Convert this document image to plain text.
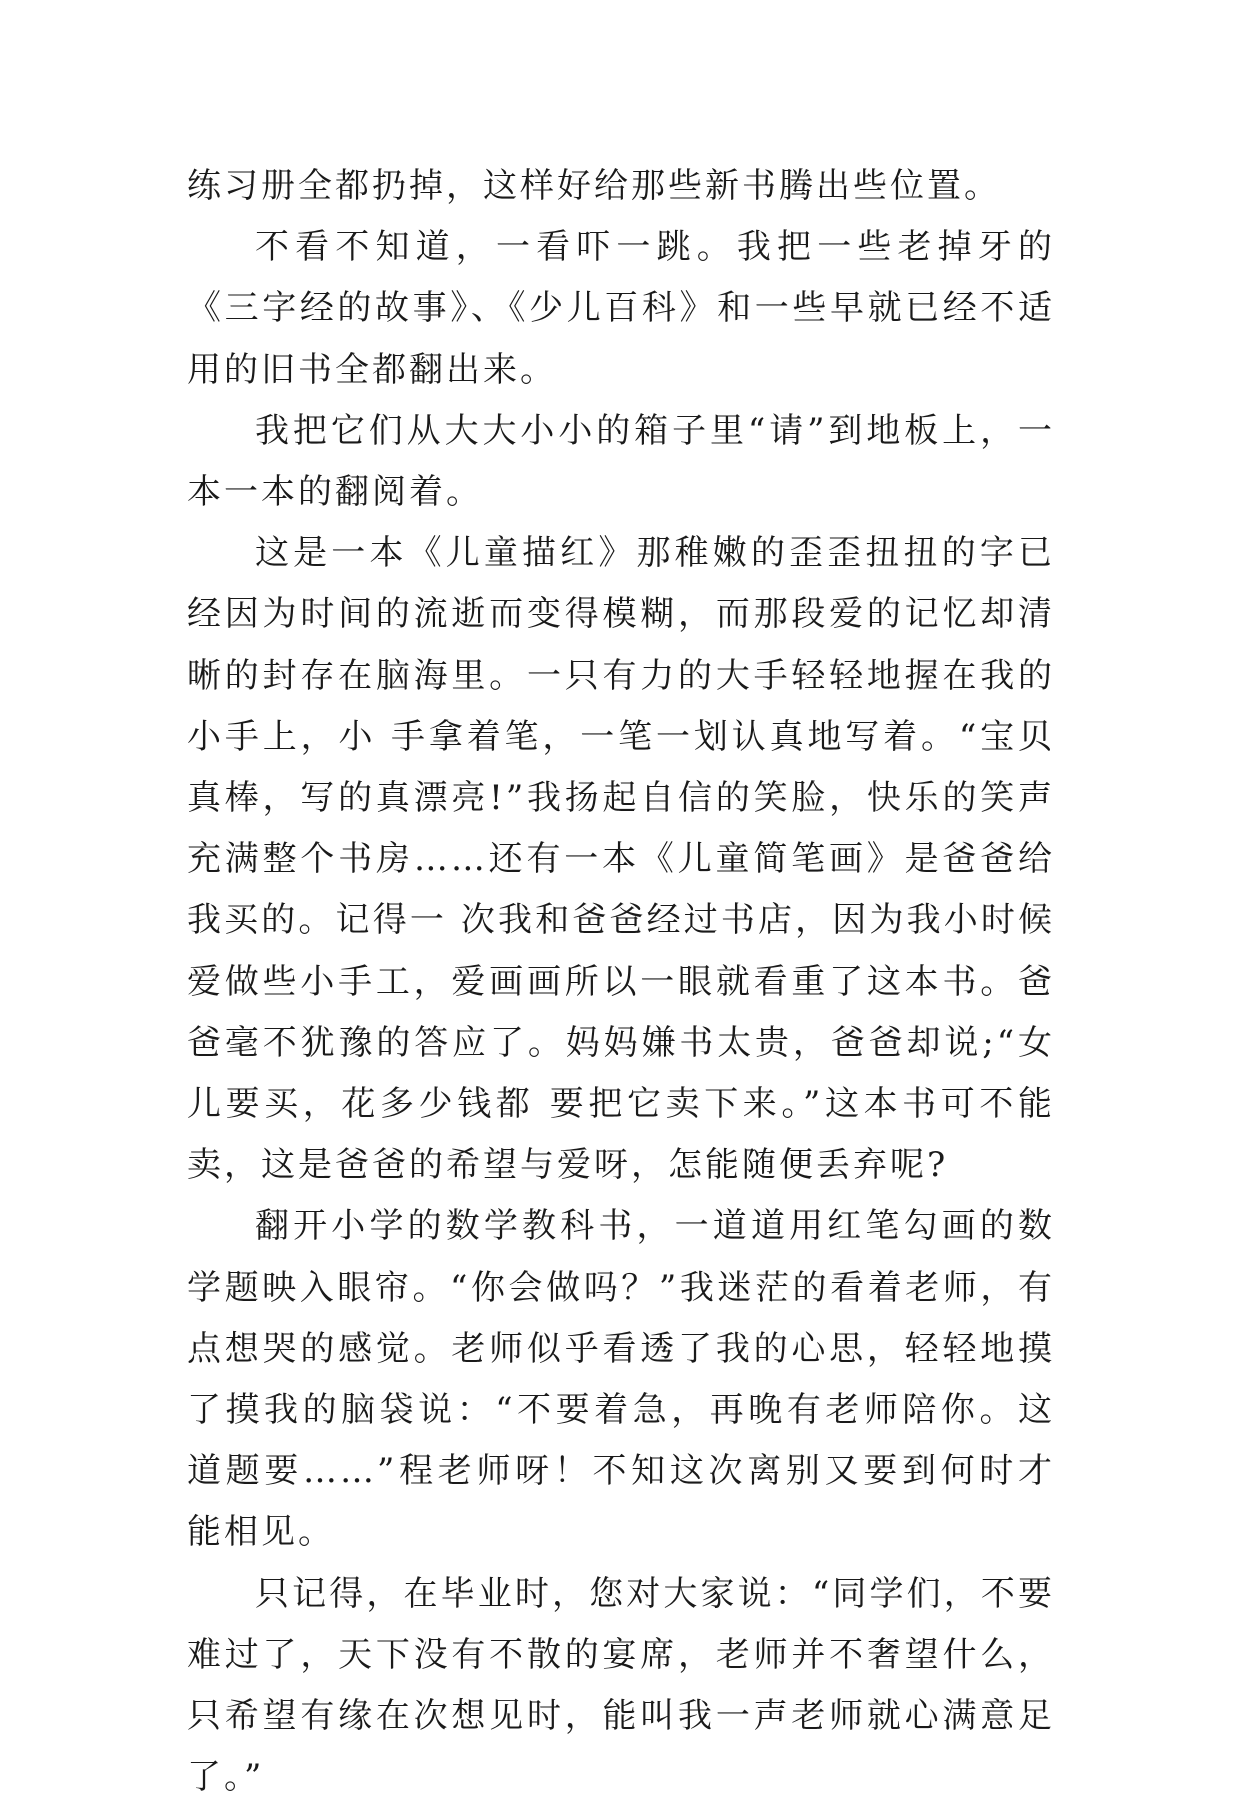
练习册全都扔掉，这样好给那些新书腾出些位置。

不看不知道，一看吓一跳。我把一些老掉牙的《三字经的故事》、《少儿百科》和一些早就已经不适用的旧书全都翻出来。

我把它们从大大小小的箱子里“请”到地板上，一本一本的翻阅着。

这是一本《儿童描红》那稚嫩的歪歪扭扭的字已经因为时间的流逝而变得模糊，而那段爱的记忆却清晰的封存在脑海里。一只有力的大手轻轻地握在我的小手上，小 手拿着笔，一笔一划认真地写着。“宝贝真棒，写的真漂亮!”我扬起自信的笑脸，快乐的笑声充满整个书房……还有一本《儿童简笔画》是爸爸给我买的。记得一 次我和爸爸经过书店，因为我小时候爱做些小手工，爱画画所以一眼就看重了这本书。爸爸毫不犹豫的答应了。妈妈嫌书太贵，爸爸却说;“女儿要买，花多少钱都 要把它卖下来。”这本书可不能卖，这是爸爸的希望与爱呀，怎能随便丢弃呢?

翻开小学的数学教科书，一道道用红笔勾画的数学题映入眼帘。“你会做吗？”我迷茫的看着老师，有点想哭的感觉。老师似乎看透了我的心思，轻轻地摸了摸我的脑袋说：“不要着急，再晚有老师陪你。这道题要……”程老师呀！不知这次离别又要到何时才能相见。

只记得，在毕业时，您对大家说：“同学们，不要难过了，天下没有不散的宴席，老师并不奢望什么，只希望有缘在次想见时，能叫我一声老师就心满意足了。”
